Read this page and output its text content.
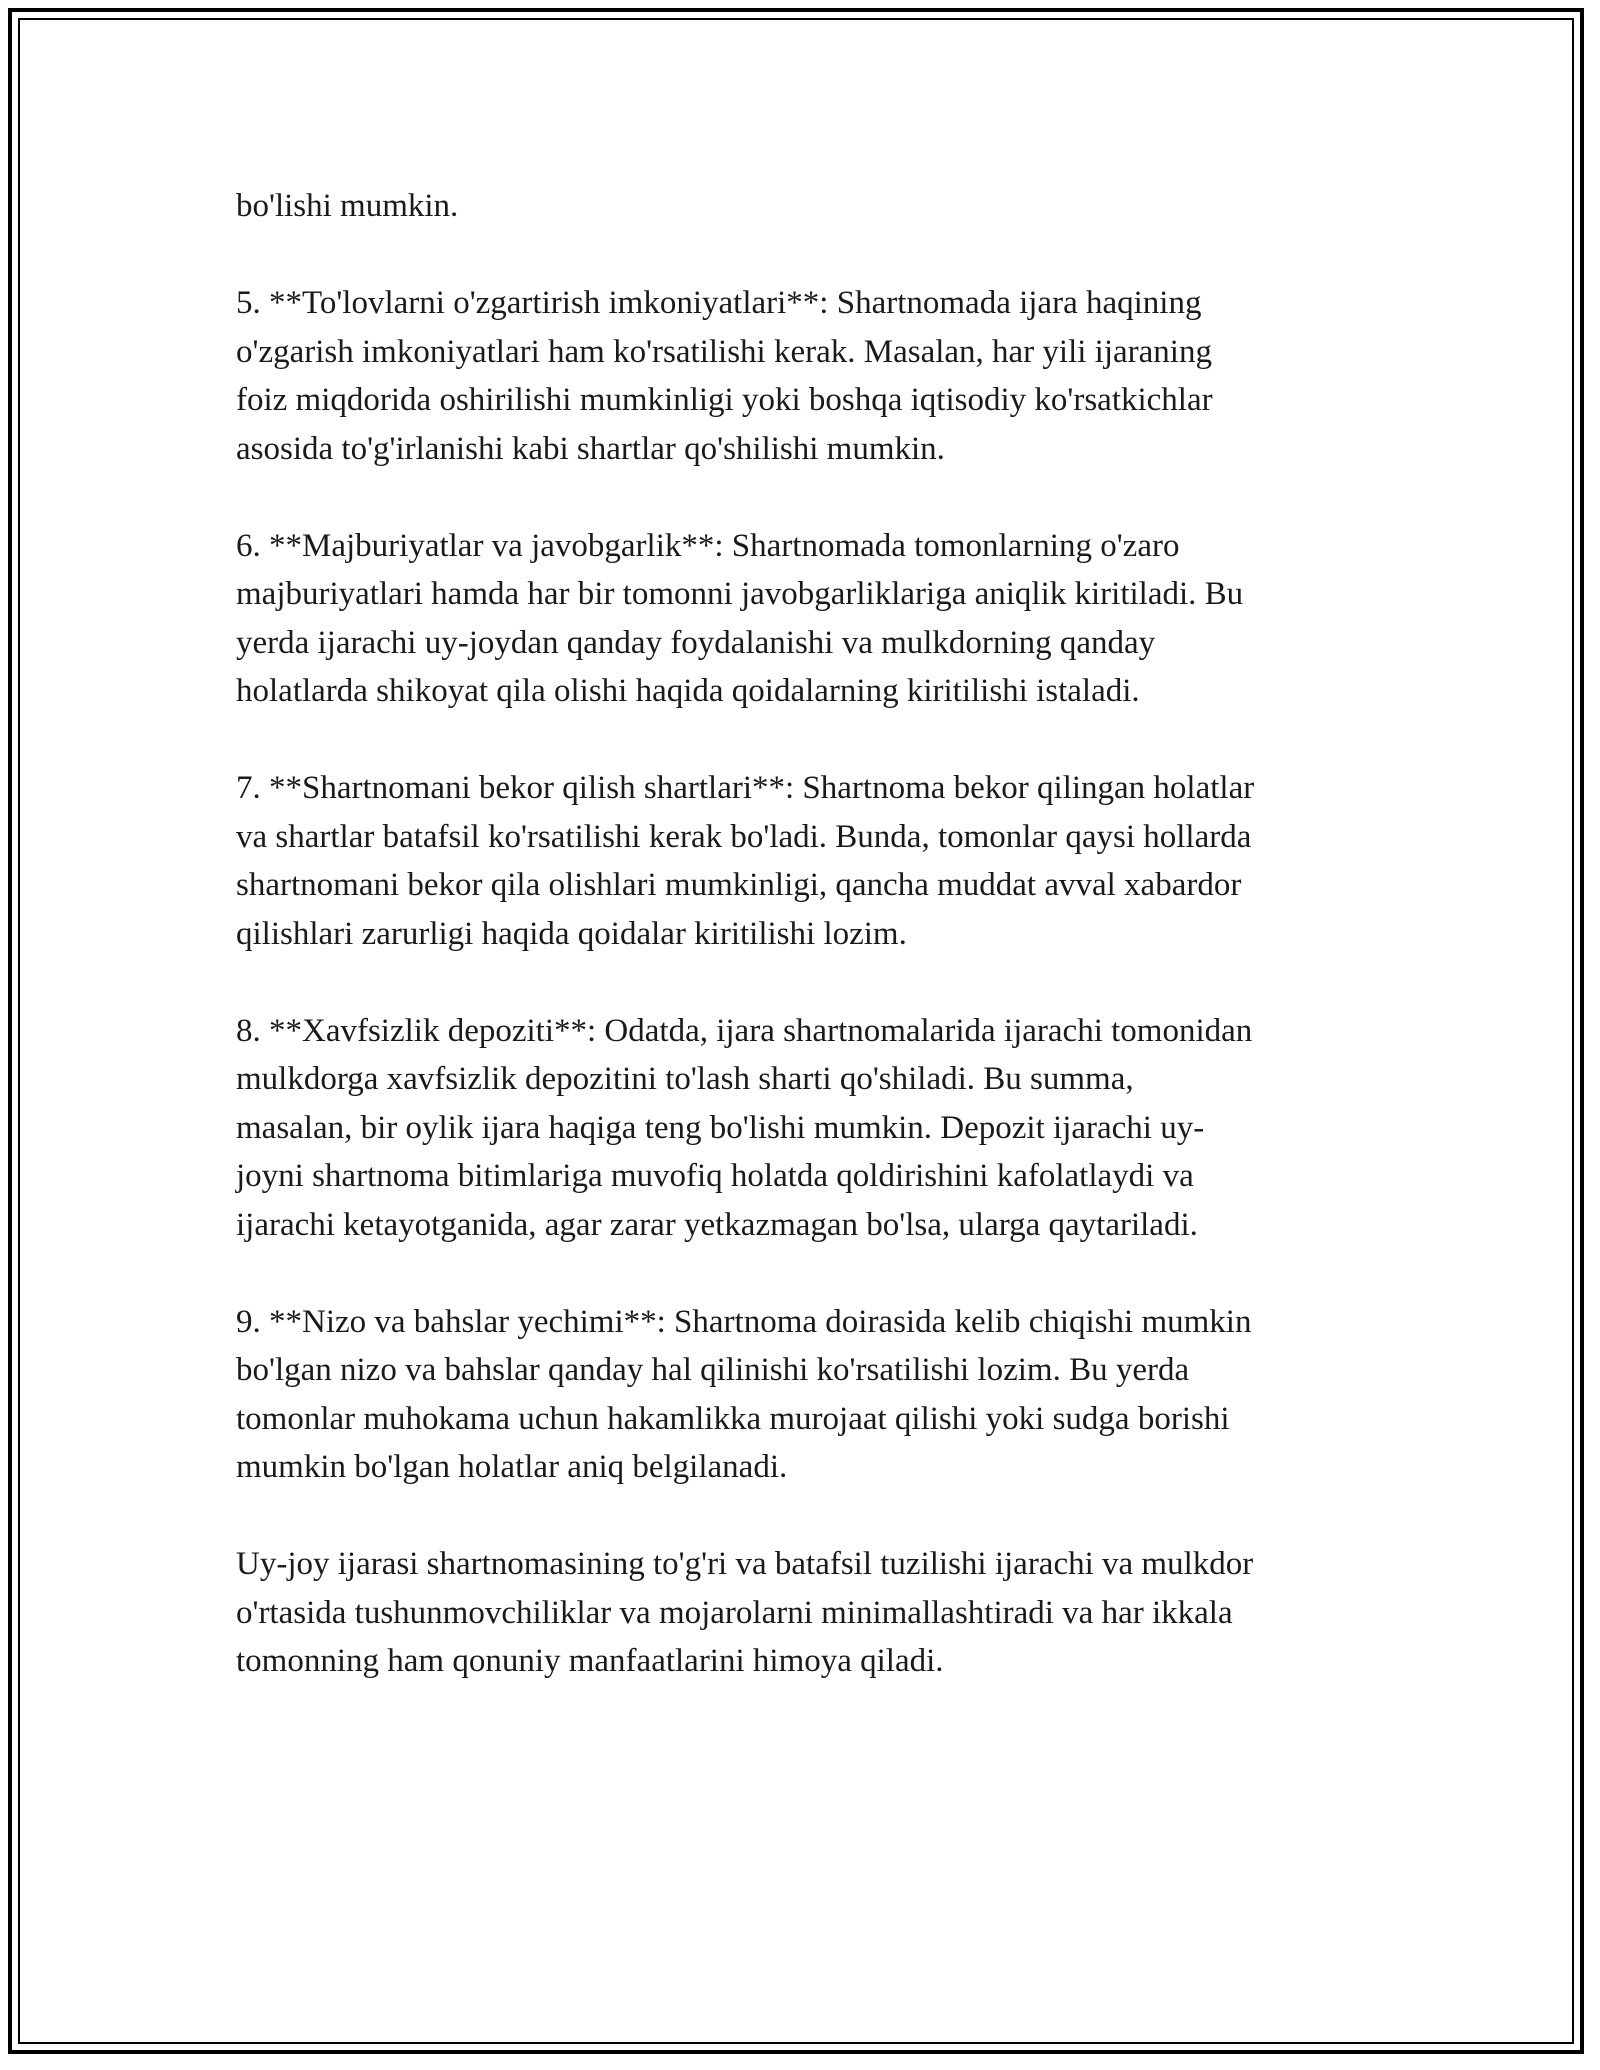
bo'lishi mumkin.

5. **To'lovlarni o'zgartirish imkoniyatlari**: Shartnomada ijara haqining
o'zgarish imkoniyatlari ham ko'rsatilishi kerak. Masalan, har yili ijaraning
foiz miqdorida oshirilishi mumkinligi yoki boshqa iqtisodiy ko'rsatkichlar
asosida to'g'irlanishi kabi shartlar qo'shilishi mumkin.

6. **Majburiyatlar va javobgarlik**: Shartnomada tomonlarning o'zaro
majburiyatlari hamda har bir tomonni javobgarliklariga aniqlik kiritiladi. Bu
yerda ijarachi uy-joydan qanday foydalanishi va mulkdorning qanday
holatlarda shikoyat qila olishi haqida qoidalarning kiritilishi istaladi.

7. **Shartnomani bekor qilish shartlari**: Shartnoma bekor qilingan holatlar
va shartlar batafsil ko'rsatilishi kerak bo'ladi. Bunda, tomonlar qaysi hollarda
shartnomani bekor qila olishlari mumkinligi, qancha muddat avval xabardor
qilishlari zarurligi haqida qoidalar kiritilishi lozim.

8. **Xavfsizlik depoziti**: Odatda, ijara shartnomalarida ijarachi tomonidan
mulkdorga xavfsizlik depozitini to'lash sharti qo'shiladi. Bu summa,
masalan, bir oylik ijara haqiga teng bo'lishi mumkin. Depozit ijarachi uy-
joyni shartnoma bitimlariga muvofiq holatda qoldirishini kafolatlaydi va
ijarachi ketayotganida, agar zarar yetkazmagan bo'lsa, ularga qaytariladi.

9. **Nizo va bahslar yechimi**: Shartnoma doirasida kelib chiqishi mumkin
bo'lgan nizo va bahslar qanday hal qilinishi ko'rsatilishi lozim. Bu yerda
tomonlar muhokama uchun hakamlikka murojaat qilishi yoki sudga borishi
mumkin bo'lgan holatlar aniq belgilanadi.

Uy-joy ijarasi shartnomasining to'g'ri va batafsil tuzilishi ijarachi va mulkdor
o'rtasida tushunmovchiliklar va mojarolarni minimallashtiradi va har ikkala
tomonning ham qonuniy manfaatlarini himoya qiladi.
